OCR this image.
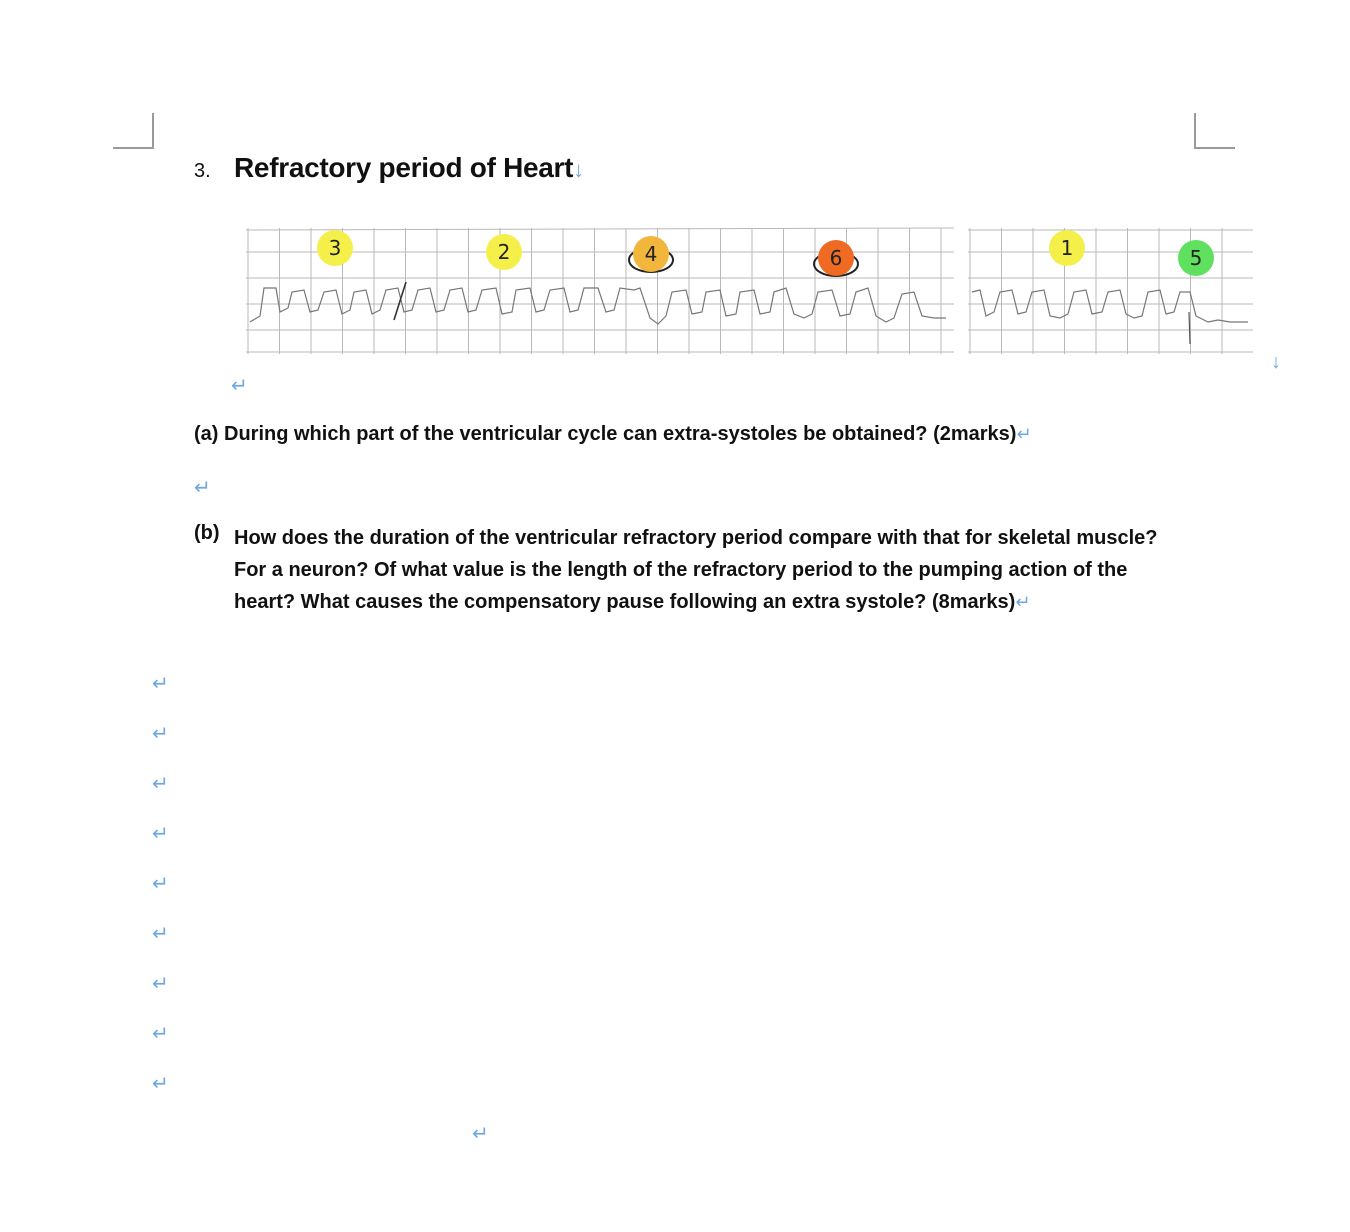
3. Refractory period of Heart↓
3	2	4	6	1	5
↓
↵
(a) During which part of the ventricular cycle can extra-systoles be obtained? (2marks)↵
↵
(b) How does the duration of the ventricular refractory period compare with that for skeletal muscle? For a neuron? Of what value is the length of the refractory period to the pumping action of the heart? What causes the compensatory pause following an extra systole? (8marks)↵
↵
↵
↵
↵
↵
↵
↵
↵
↵
↵
